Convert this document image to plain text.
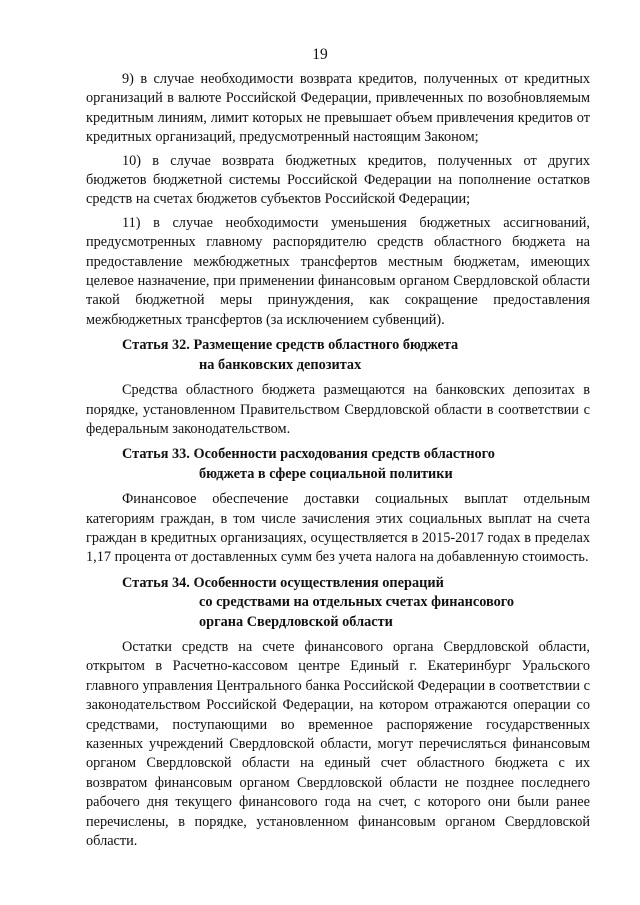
19

9) в случае необходимости возврата кредитов, полученных от кредитных организаций в валюте Российской Федерации, привлеченных по возобновляемым кредитным линиям, лимит которых не превышает объем привлечения кредитов от кредитных организаций, предусмотренный настоящим Законом;

10) в случае возврата бюджетных кредитов, полученных от других бюджетов бюджетной системы Российской Федерации на пополнение остатков средств на счетах бюджетов субъектов Российской Федерации;

11) в случае необходимости уменьшения бюджетных ассигнований, предусмотренных главному распорядителю средств областного бюджета на предоставление межбюджетных трансфертов местным бюджетам, имеющих целевое назначение, при применении финансовым органом Свердловской области такой бюджетной меры принуждения, как сокращение предоставления межбюджетных трансфертов (за исключением субвенций).

Статья 32. Размещение средств областного бюджета
на банковских депозитах

Средства областного бюджета размещаются на банковских депозитах в порядке, установленном Правительством Свердловской области в соответствии с федеральным законодательством.

Статья 33. Особенности расходования средств областного
бюджета в сфере социальной политики

Финансовое обеспечение доставки социальных выплат отдельным категориям граждан, в том числе зачисления этих социальных выплат на счета граждан в кредитных организациях, осуществляется в 2015-2017 годах в пределах 1,17 процента от доставленных сумм без учета налога на добавленную стоимость.

Статья 34. Особенности осуществления операций
со средствами на отдельных счетах финансового
органа Свердловской области

Остатки средств на счете финансового органа Свердловской области, открытом в Расчетно-кассовом центре Единый г. Екатеринбург Уральского главного управления Центрального банка Российской Федерации в соответствии с законодательством Российской Федерации, на котором отражаются операции со средствами, поступающими во временное распоряжение государственных казенных учреждений Свердловской области, могут перечисляться финансовым органом Свердловской области на единый счет областного бюджета с их возвратом финансовым органом Свердловской области не позднее последнего рабочего дня текущего финансового года на счет, с которого они были ранее перечислены, в порядке, установленном финансовым органом Свердловской области.
